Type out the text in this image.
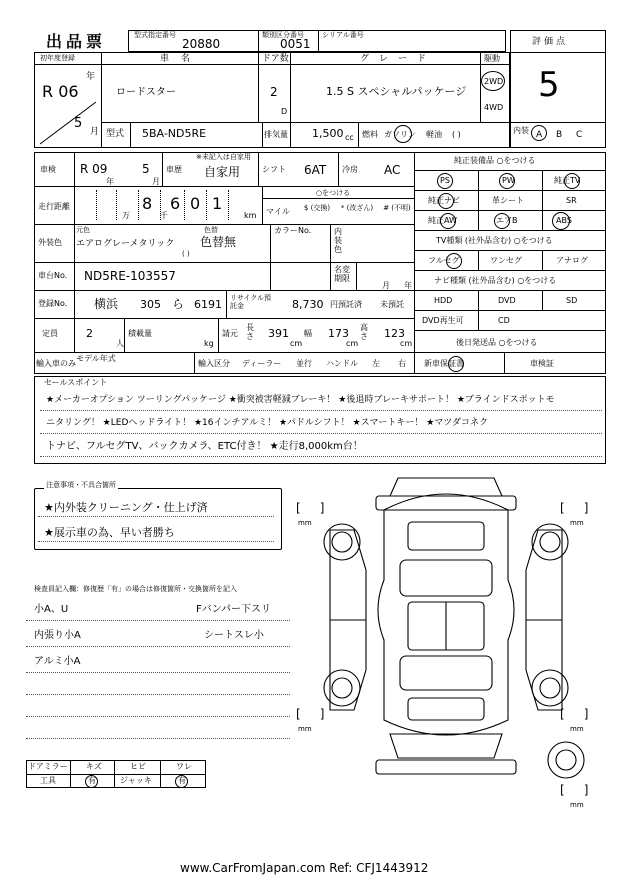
出品票	型式指定番号
20880
類別区分番号
0051
シリアル番号
評価点
5
初年度登録
年
R 06
5
月
車名
ロードスター
ドア数
2
D
グレード
1.5 S スペシャルパッケージ
駆動
2WD
4WD
型式 5BA-ND5RE	排気量 1,500 cc 燃料 ガソリン 軽油 ( )	内装 A B C
車検 R 09
年
5
月
車歴
※未記入は自家用
自家用	シフト 6AT 冷房 AC
走行距離	8
万	千
6 0 1
km
○をつける
マイル	$ (交換)	* (改ざん)	# (不明)
外装色
元色
エアログレーメタリック
色替
色替無
( )
カラーNo.	内装色
車台No. ND5RE-103557	名変期限
月 年
登録No. 横浜 305 ら 6191 リサイクル預託金	8,730 円預託済 未預託
定員	2
人
積載量
kg
請元
長さ 391
cm
幅 173
cm
高さ 123
cm
輸入車のみ
モデル年式
輸入区分 ディーラー 並行 ハンドル 左 右
純正装備品 ○をつける
PS	PW	純正TV
純正ナビ	革シート	SR
純正AW	エアB	ABS
TV種類 (社外品含む) ○をつける
フルセグ	ワンセグ	アナログ
ナビ種類 (社外品含む) ○をつける
HDD	DVD	SD
DVD再生可	CD
後日発送品 ○をつける
新車保証書	車検証
セールスポイント
★メーカーオプション ツーリングパッケージ ★衝突被害軽減ブレーキ！ ★後退時ブレーキサポート！ ★ブラインドスポットモ
ニタリング！ ★LEDヘッドライト！ ★16インチアルミ！ ★パドルシフト！ ★スマートキー！ ★マツダコネク
トナビ、フルセグTV、バックカメラ、ETC付き！ ★走行8,000km台！
注意事項・不具合箇所
★内外装クリーニング・仕上げ済
★展示車の為、早い者勝ち
検査員記入欄：修復歴「有」の場合は修復箇所・交換箇所を記入
小A、U	Fバンパー下スリ
内張り小A	シートスレ小
アルミ小A
ドアミラー キズ	ヒビ	ワレ
工具	有	ジャッキ	有
[     ]
mm
[     ]
mm
[     ]
mm
[     ]
mm
[     ]
mm
www.CarFromJapan.com Ref: CFJ1443912
